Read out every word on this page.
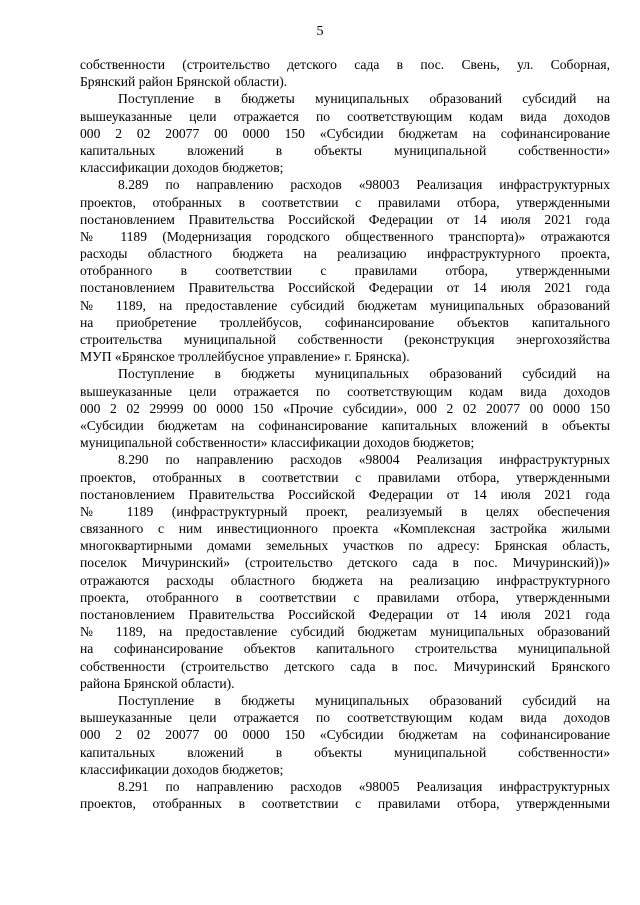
5
собственности (строительство детского сада в пос. Свень, ул. Соборная,
Брянский район Брянской области).
Поступление в бюджеты муниципальных образований субсидий на
вышеуказанные цели отражается по соответствующим кодам вида доходов
000 2 02 20077 00 0000 150 «Субсидии бюджетам на софинансирование
капитальных вложений в объекты муниципальной собственности»
классификации доходов бюджетов;
8.289 по направлению расходов «98003 Реализация инфраструктурных
проектов, отобранных в соответствии с правилами отбора, утвержденными
постановлением Правительства Российской Федерации от 14 июля 2021 года
№ 1189 (Модернизация городского общественного транспорта)» отражаются
расходы областного бюджета на реализацию инфраструктурного проекта,
отобранного в соответствии с правилами отбора, утвержденными
постановлением Правительства Российской Федерации от 14 июля 2021 года
№ 1189, на предоставление субсидий бюджетам муниципальных образований
на приобретение троллейбусов, софинансирование объектов капитального
строительства муниципальной собственности (реконструкция энергохозяйства
МУП «Брянское троллейбусное управление» г. Брянска).
Поступление в бюджеты муниципальных образований субсидий на
вышеуказанные цели отражается по соответствующим кодам вида доходов
000 2 02 29999 00 0000 150 «Прочие субсидии», 000 2 02 20077 00 0000 150
«Субсидии бюджетам на софинансирование капитальных вложений в объекты
муниципальной собственности» классификации доходов бюджетов;
8.290 по направлению расходов «98004 Реализация инфраструктурных
проектов, отобранных в соответствии с правилами отбора, утвержденными
постановлением Правительства Российской Федерации от 14 июля 2021 года
№ 1189 (инфраструктурный проект, реализуемый в целях обеспечения
связанного с ним инвестиционного проекта «Комплексная застройка жилыми
многоквартирными домами земельных участков по адресу: Брянская область,
поселок Мичуринский» (строительство детского сада в пос. Мичуринский))»
отражаются расходы областного бюджета на реализацию инфраструктурного
проекта, отобранного в соответствии с правилами отбора, утвержденными
постановлением Правительства Российской Федерации от 14 июля 2021 года
№ 1189, на предоставление субсидий бюджетам муниципальных образований
на софинансирование объектов капитального строительства муниципальной
собственности (строительство детского сада в пос. Мичуринский Брянского
района Брянской области).
Поступление в бюджеты муниципальных образований субсидий на
вышеуказанные цели отражается по соответствующим кодам вида доходов
000 2 02 20077 00 0000 150 «Субсидии бюджетам на софинансирование
капитальных вложений в объекты муниципальной собственности»
классификации доходов бюджетов;
8.291 по направлению расходов «98005 Реализация инфраструктурных
проектов, отобранных в соответствии с правилами отбора, утвержденными
